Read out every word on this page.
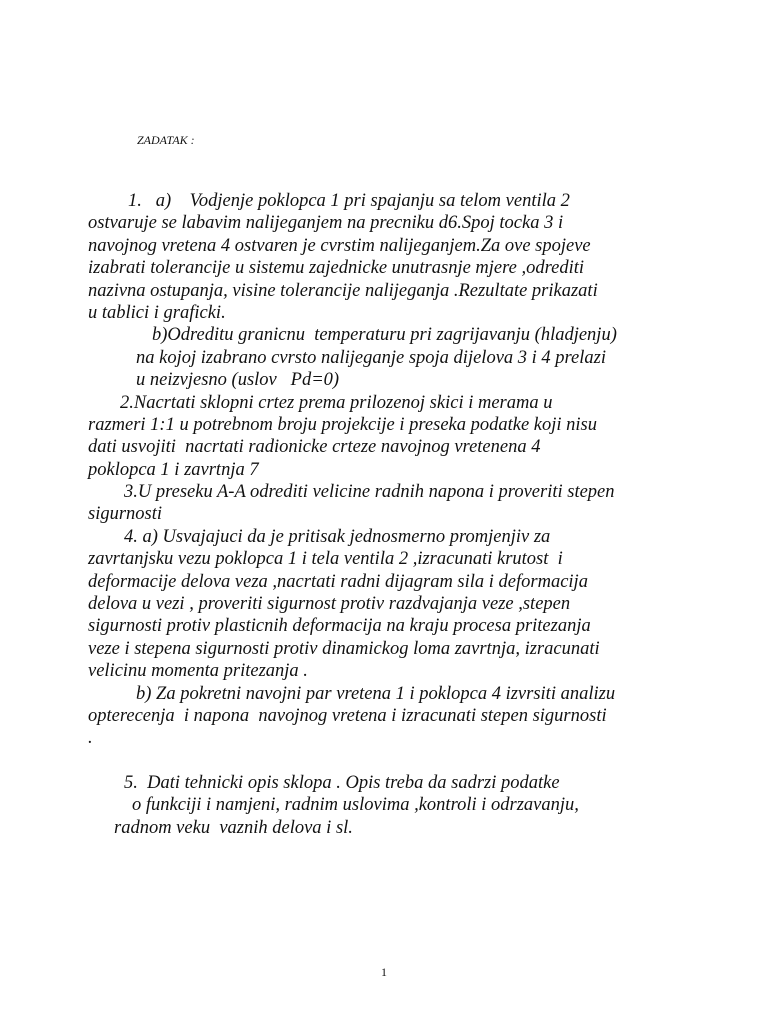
ZADATAK :
1.   a)    Vodjenje poklopca 1 pri spajanju sa telom ventila 2
ostvaruje se labavim nalijeganjem na precniku d6.Spoj tocka 3 i
navojnog vretena 4 ostvaren je cvrstim nalijeganjem.Za ove spojeve
izabrati tolerancije u sistemu zajednicke unutrasnje mjere ,odrediti
nazivna ostupanja, visine tolerancije nalijeganja .Rezultate prikazati
u tablici i graficki.
b)Odreditu granicnu  temperaturu pri zagrijavanju (hladjenju)
na kojoj izabrano cvrsto nalijeganje spoja dijelova 3 i 4 prelazi
u neizvjesno (uslov   Pd=0)
2.Nacrtati sklopni crtez prema prilozenoj skici i merama u
razmeri 1:1 u potrebnom broju projekcije i preseka podatke koji nisu
dati usvojiti  nacrtati radionicke crteze navojnog vretenena 4
poklopca 1 i zavrtnja 7
3.U preseku A-A odrediti velicine radnih napona i proveriti stepen
sigurnosti
4. a) Usvajajuci da je pritisak jednosmerno promjenjiv za
zavrtanjsku vezu poklopca 1 i tela ventila 2 ,izracunati krutost  i
deformacije delova veza ,nacrtati radni dijagram sila i deformacija
delova u vezi , proveriti sigurnost protiv razdvajanja veze ,stepen
sigurnosti protiv plasticnih deformacija na kraju procesa pritezanja
veze i stepena sigurnosti protiv dinamickog loma zavrtnja, izracunati
velicinu momenta pritezanja .
b) Za pokretni navojni par vretena 1 i poklopca 4 izvrsiti analizu
opterecenja  i napona  navojnog vretena i izracunati stepen sigurnosti
.
5.  Dati tehnicki opis sklopa . Opis treba da sadrzi podatke
o funkciji i namjeni, radnim uslovima ,kontroli i odrzavanju,
radnom veku  vaznih delova i sl.
1
